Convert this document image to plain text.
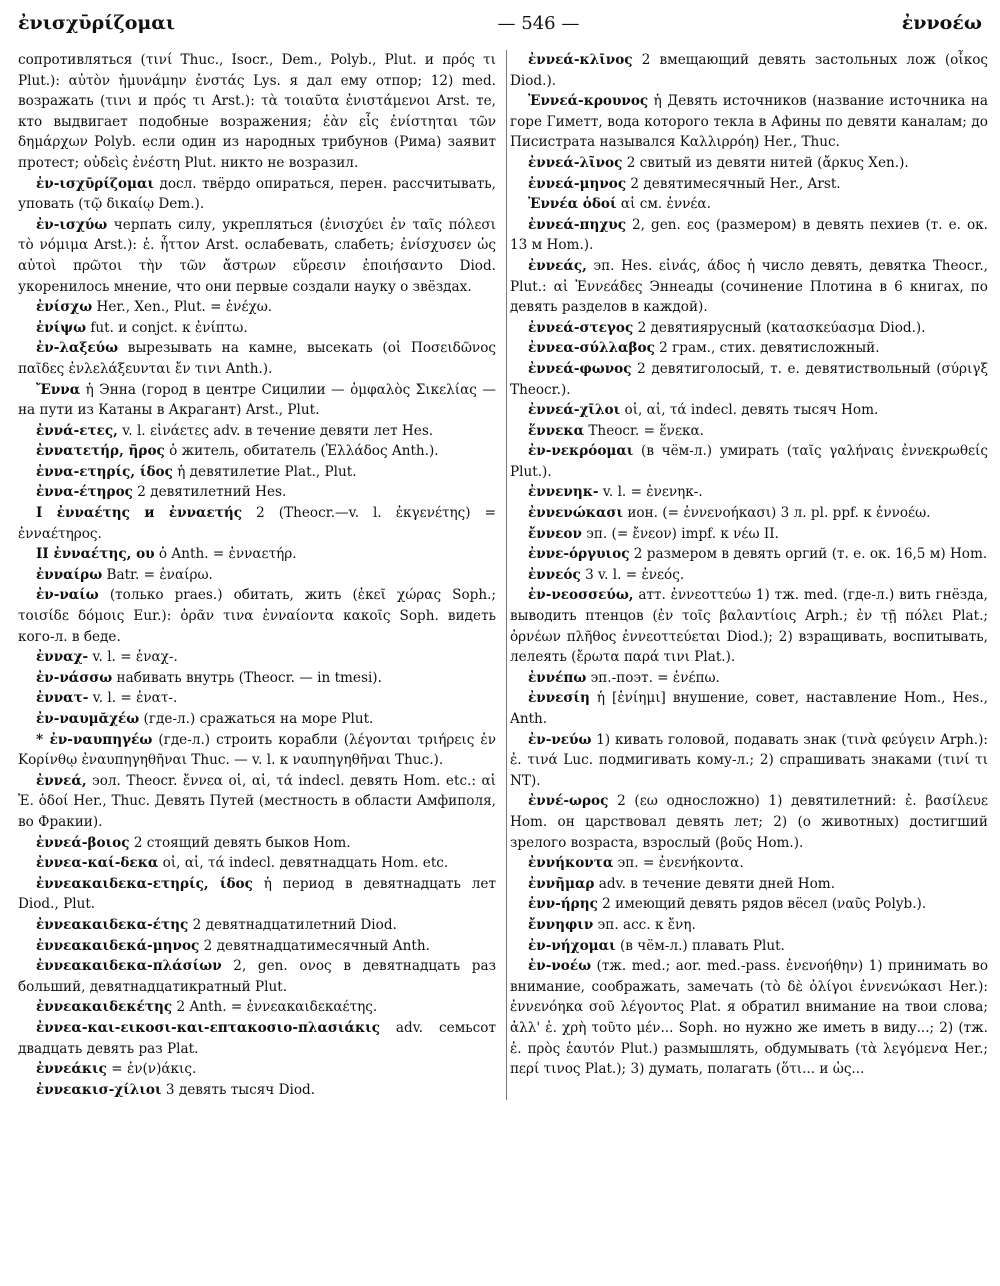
ἐνισχῡρίζομαι	— 546 —	ἐννοέω

сопротивляться (τινί Thuc., Isocr., Dem., Polyb., Plut. и πρός τι Plut.): αὐτὸν ἠμυνάμην ἐνστάς Lys. я дал ему отпор; 12) med. возражать (τινι и πρός τι Arst.): τὰ τοιαῦτα ἐνιστάμενοι Arst. те, кто выдвигает подобные возражения; ἐὰν εἷς ἐνίστηται τῶν δημάρχων Polyb. если один из народных трибунов (Рима) заявит протест; οὐδεὶς ἐνέστη Plut. никто не возразил.

ἐν-ισχῡρίζομαι досл. твёрдо опираться, перен. рассчитывать, уповать (τῷ δικαίῳ Dem.).

ἐν-ισχύω черпать силу, укрепляться (ἐνισχύει ἐν ταῖς πόλεσι τὸ νόμιμα Arst.): ἐ. ἧττον Arst. ослабевать, слабеть; ἐνίσχυσεν ὡς αὐτοὶ πρῶτοι τὴν τῶν ἄστρων εὕρεσιν ἐποιήσαντο Diod. укоренилось мнение, что они первые создали науку о звёздах.

ἐνίσχω Her., Xen., Plut. = ἐνέχω.

ἐνίψω fut. и conjct. к ἐνίπτω.

ἐν-λαξεύω вырезывать на камне, высекать (οἱ Ποσειδῶνος παῖδες ἐνλελάξευνται ἔν τινι Anth.).

Ἔννα ἡ Энна (город в центре Сицилии — ὀμφαλὸς Σικελίας — на пути из Катаны в Акрагант) Arst., Plut.

ἐννά-ετες, v. l. εἰνάετες adv. в течение девяти лет Hes.

ἐννατετήρ, ῆρος ὁ житель, обитатель (Ἑλλάδος Anth.).

ἐννα-ετηρίς, ίδος ἡ девятилетие Plat., Plut.

ἐννα-έτηρος 2 девятилетний Hes.

I ἐνναέτης и ἐνναετής 2 (Theocr.—v. l. ἐκγενέτης) = ἐνναέτηρος.

II ἐνναέτης, ου ὁ Anth. = ἐνναετήρ.

ἐνναίρω Batr. = ἐναίρω.

ἐν-ναίω (только praes.) обитать, жить (ἐκεῖ χώρας Soph.; τοισίδε δόμοις Eur.): ὁρᾶν τινα ἐνναίοντα κακοῖς Soph. видеть кого-л. в беде.

ἐνναχ- v. l. = ἐναχ-.

ἐν-νάσσω набивать внутрь (Theocr. — in tmesi).

ἐννατ- v. l. = ἐνατ-.

ἐν-ναυμᾰχέω (где-л.) сражаться на море Plut.

* ἐν-ναυπηγέω (где-л.) строить корабли (λέγονται τριήρεις ἐν Κορίνθῳ ἐναυπηγηθῆναι Thuc. — v. l. к ναυπηγηθῆναι Thuc.).

ἐννεά, эол. Theocr. ἔννεα οἱ, αἱ, τά indecl. девять Hom. etc.: αἱ Ἐ. ὁδοί Her., Thuc. Девять Путей (местность в области Амфиполя, во Фракии).

ἐννεά-βοιος 2 стоящий девять быков Hom.

ἐννεα-καί-δεκα οἱ, αἱ, τά indecl. девятнадцать Hom. etc.

ἐννεακαιδεκα-ετηρίς, ίδος ἡ период в девятнадцать лет Diod., Plut.

ἐννεακαιδεκα-έτης 2 девятнадцатилетний Diod.

ἐννεακαιδεκά-μηνος 2 девятнадцатимесячный Anth.

ἐννεακαιδεκα-πλάσίων 2, gen. ονος в девятнадцать раз больший, девятнадцатикратный Plut.

ἐννεακαιδεκέτης 2 Anth. = ἐννεακαιδεκαέτης.

ἐννεα-και-εικοσι-και-επτακοσιο-πλασιάκις adv. семьсот двадцать девять раз Plat.

ἐννεάκις = ἐν(ν)άκις.

ἐννεακισ-χίλιοι 3 девять тысяч Diod.

ἐννεά-κλῑνος 2 вмещающий девять застольных лож (οἶκος Diod.).

Ἐννεά-κρουνος ἡ Девять источников (название источника на горе Гиметт, вода которого текла в Афины по девяти каналам; до Писистрата назывался Καλλιρρόη) Her., Thuc.

ἐννεά-λῖνος 2 свитый из девяти нитей (ἄρκυς Xen.).

ἐννεά-μηνος 2 девятимесячный Her., Arst.

Ἐννέα ὁδοί αἱ см. ἐννέα.

ἐννεά-πηχυς 2, gen. εος (размером) в девять пехиев (т. е. ок. 13 м Hom.).

ἐννεάς, эп. Hes. εἰνάς, άδος ἡ число девять, девятка Theocr., Plut.: αἱ Ἐννεάδες Эннеады (сочинение Плотина в 6 книгах, по девять разделов в каждой).

ἐννεά-στεγος 2 девятиярусный (κατασκεύασμα Diod.).

ἐννεα-σύλλαβος 2 грам., стих. девятисложный.

ἐννεά-φωνος 2 девятиголосый, т. е. девятиствольный (σύριγξ Theocr.).

ἐννεά-χῑλοι οἱ, αἱ, τά indecl. девять тысяч Hom.

ἕννεκα Theocr. = ἕνεκα.

ἐν-νεκρόομαι (в чём-л.) умирать (ταῖς γαλήναις ἐννεκρωθείς Plut.).

ἐννενηκ- v. l. = ἐνενηκ-.

ἐννενώκασι ион. (= ἐννενοήκασι) 3 л. pl. ppf. к ἐννοέω.

ἔννεον эп. (= ἔνεον) impf. к νέω II.

ἐννε-όργυιος 2 размером в девять оргий (т. е. ок. 16,5 м) Hom.

ἐννεός 3 v. l. = ἐνεός.

ἐν-νεοσσεύω, атт. ἐννεοττεύω 1) тж. med. (где-л.) вить гнёзда, выводить птенцов (ἐν τοῖς βαλαντίοις Arph.; ἐν τῇ πόλει Plat.; ὀρνέων πλῆθος ἐννεοττεύεται Diod.); 2) взращивать, воспитывать, лелеять (ἔρωτα παρά τινι Plat.).

ἐννέπω эп.-поэт. = ἐνέπω.

ἐννεσίη ἡ [ἐνίημι] внушение, совет, наставление Hom., Hes., Anth.

ἐν-νεύω 1) кивать головой, подавать знак (τινὰ φεύγειν Arph.): ἐ. τινά Luc. подмигивать кому-л.; 2) спрашивать знаками (τινί τι NT).

ἐννέ-ωρος 2 (εω односложно) 1) девятилетний: ἐ. βασίλευε Hom. он царствовал девять лет; 2) (о животных) достигший зрелого возраста, взрослый (βοῦς Hom.).

ἐννήκοντα эп. = ἐνενήκοντα.

ἐννῆμαρ adv. в течение девяти дней Hom.

ἐνν-ήρης 2 имеющий девять рядов вёсел (ναῦς Polyb.).

ἔννηφιν эп. acc. к ἔνη.

ἐν-νήχομαι (в чём-л.) плавать Plut.

ἐν-νοέω (тж. med.; aor. med.-pass. ἐνενοήθην) 1) принимать во внимание, соображать, замечать (τὸ δὲ ὀλίγοι ἐννενώκασι Her.): ἐννενόηκα σοῦ λέγοντος Plat. я обратил внимание на твои слова; ἀλλ' ἐ. χρὴ τοῦτο μέν... Soph. но нужно же иметь в виду...; 2) (тж. ἐ. πρὸς ἑαυτόν Plut.) размышлять, обдумывать (τὰ λεγόμενα Her.; περί τινος Plat.); 3) думать, полагать (ὅτι... и ὡς...
